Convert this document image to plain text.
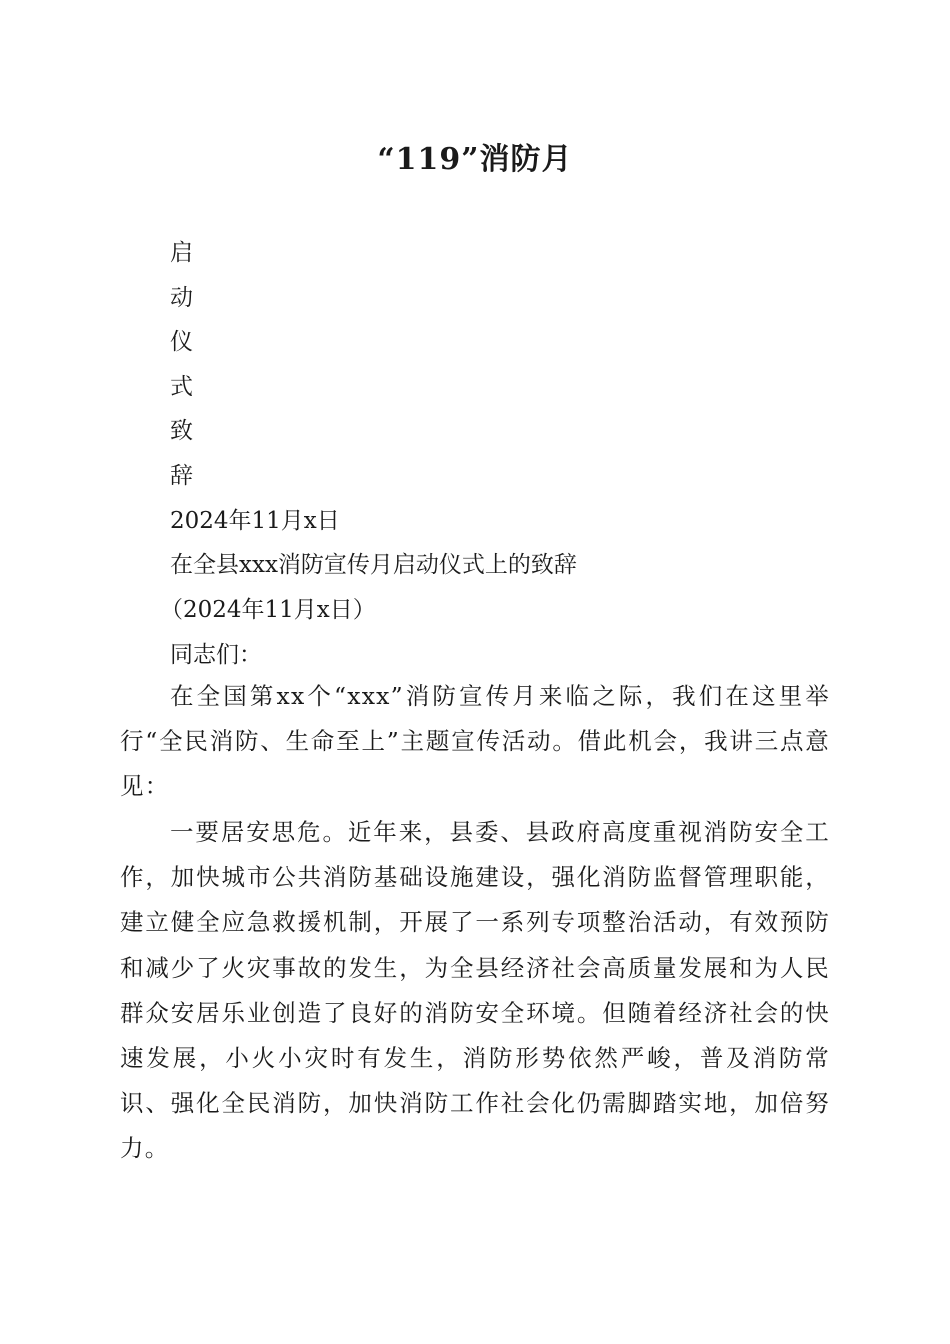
“119”消防月
启
动
仪
式
致
辞
2024年11月x日
在全县xxx消防宣传月启动仪式上的致辞
（2024年11月x日）
同志们：

在全国第xx个“xxx”消防宣传月来临之际，我们在这里举行“全民消防、生命至上”主题宣传活动。借此机会，我讲三点意见：

一要居安思危。近年来，县委、县政府高度重视消防安全工作，加快城市公共消防基础设施建设，强化消防监督管理职能，建立健全应急救援机制，开展了一系列专项整治活动，有效预防和减少了火灾事故的发生，为全县经济社会高质量发展和为人民群众安居乐业创造了良好的消防安全环境。但随着经济社会的快速发展，小火小灾时有发生，消防形势依然严峻，普及消防常识、强化全民消防，加快消防工作社会化仍需脚踏实地，加倍努力。
